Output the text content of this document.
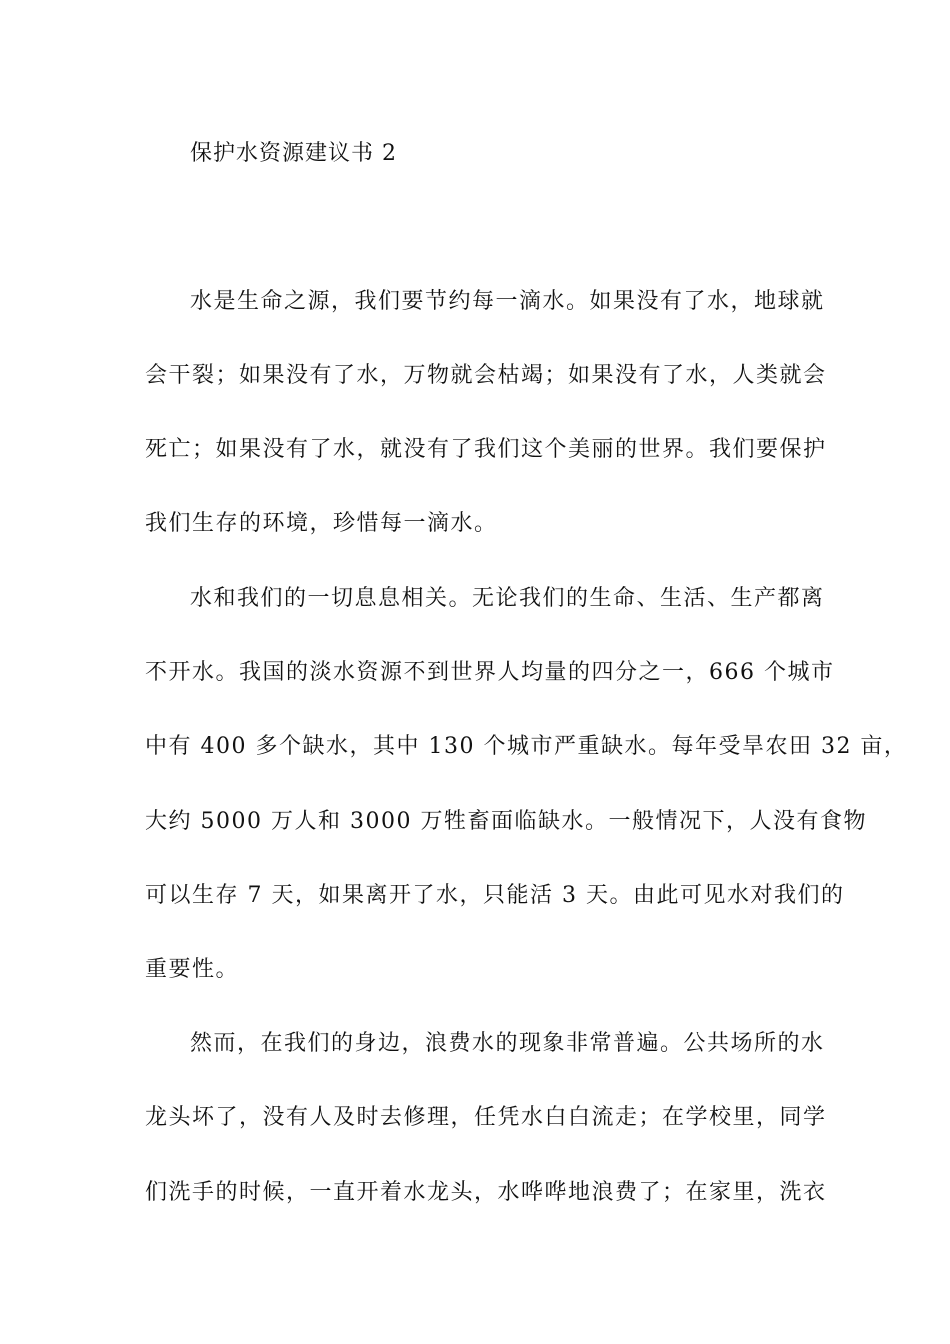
保护水资源建议书 2
水是生命之源，我们要节约每一滴水。如果没有了水，地球就
会干裂；如果没有了水，万物就会枯竭；如果没有了水，人类就会
死亡；如果没有了水，就没有了我们这个美丽的世界。我们要保护
我们生存的环境，珍惜每一滴水。
水和我们的一切息息相关。无论我们的生命、生活、生产都离
不开水。我国的淡水资源不到世界人均量的四分之一，666 个城市
中有 400 多个缺水，其中 130 个城市严重缺水。每年受旱农田 32 亩，
大约 5000 万人和 3000 万牲畜面临缺水。一般情况下，人没有食物
可以生存 7 天，如果离开了水，只能活 3 天。由此可见水对我们的
重要性。
然而，在我们的身边，浪费水的现象非常普遍。公共场所的水
龙头坏了，没有人及时去修理，任凭水白白流走；在学校里，同学
们洗手的时候，一直开着水龙头，水哗哗地浪费了；在家里，洗衣
